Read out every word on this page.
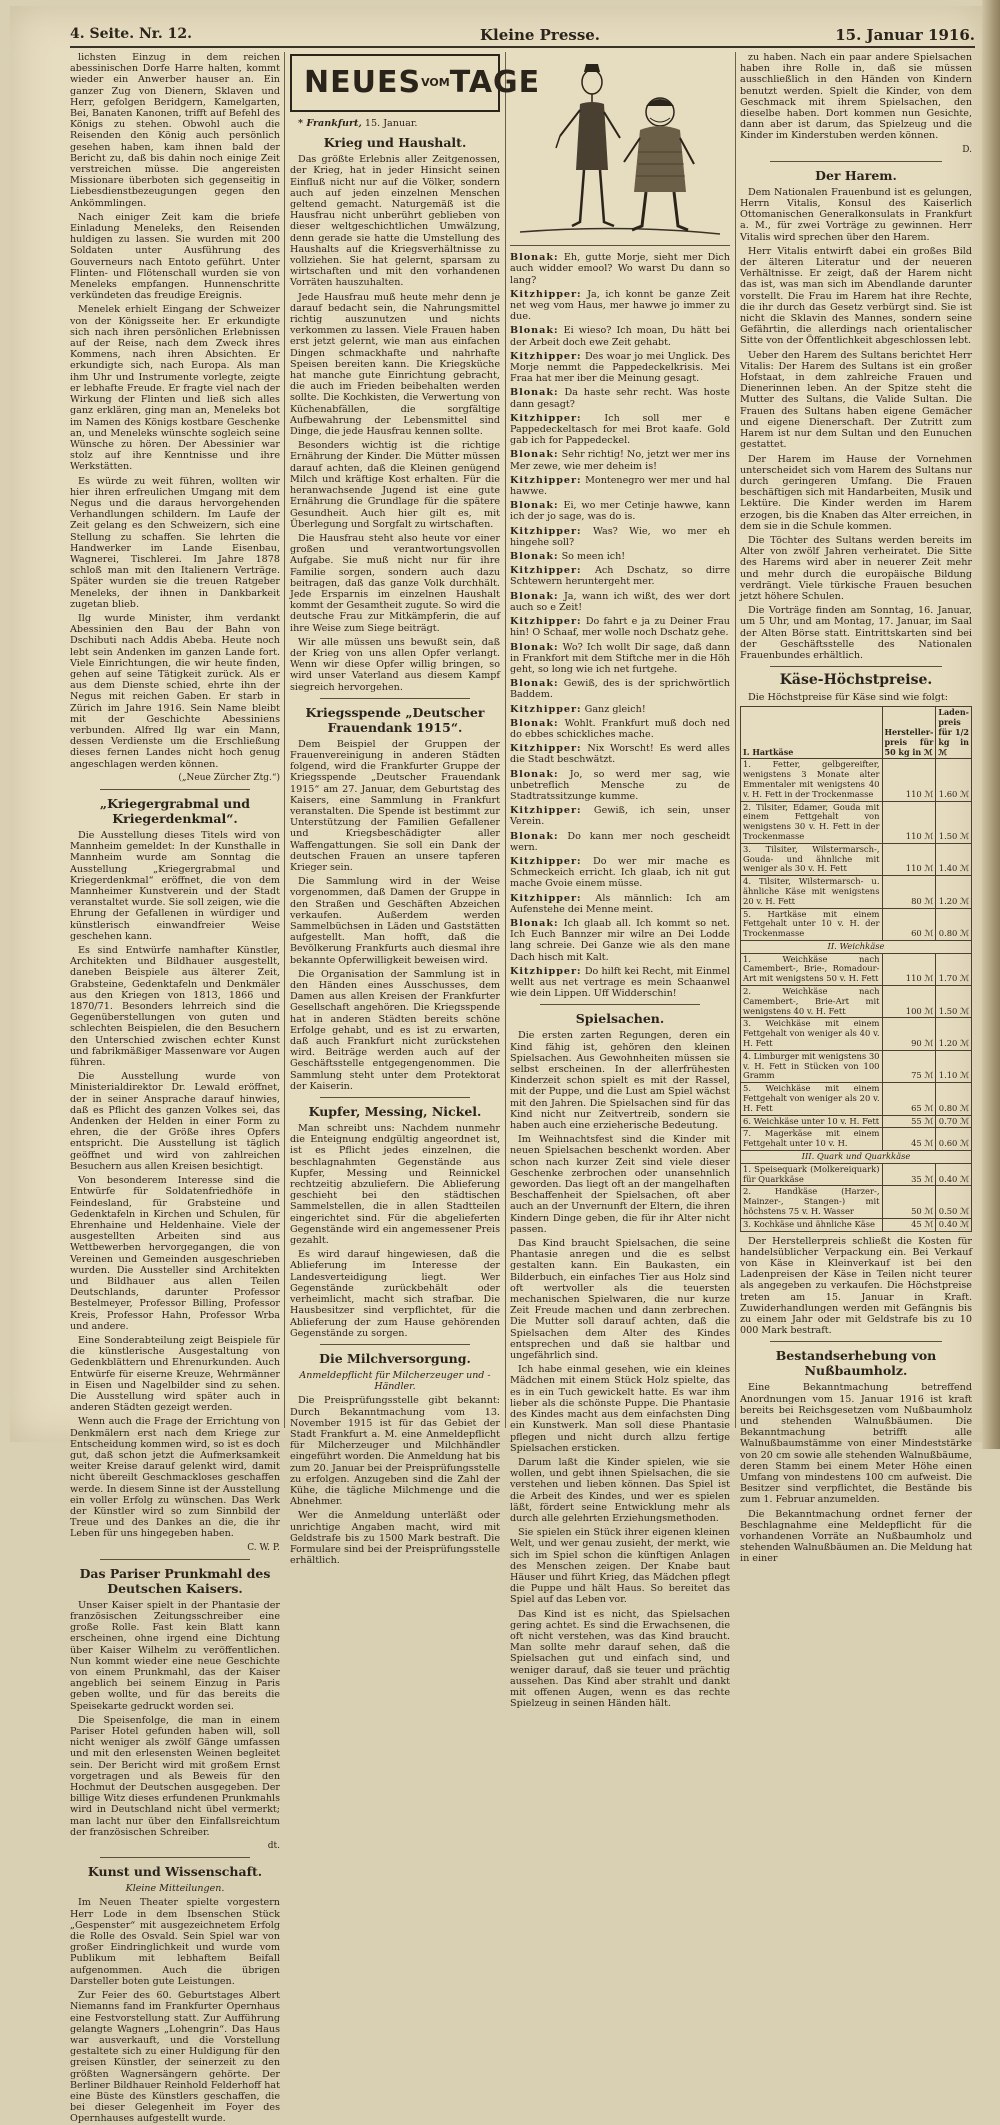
4. Seite. Nr. 12.	Kleine Presse.	15. Januar 1916.

lichsten Einzug in dem reichen abessinischen Dorfe Harre halten, kommt wieder ein Anwerber hauser an. Ein ganzer Zug von Dienern, Sklaven und Herr, gefolgen Beridgern, Kamelgarten, Bei, Banaten Kanonen, trifft auf Befehl des Königs zu stehen. Obwohl auch die Reisenden den König auch persönlich gesehen haben, kam ihnen bald der Bericht zu, daß bis dahin noch einige Zeit verstreichen müsse. Die angereisten Missionare überboten sich gegenseitig in Liebesdienstbezeugungen gegen den Ankömmlingen.

Nach einiger Zeit kam die briefe Einladung Meneleks, den Reisenden huldigen zu lassen. Sie wurden mit 200 Soldaten unter Ausführung des Gouverneurs nach Entoto geführt. Unter Flinten- und Flötenschall wurden sie von Meneleks empfangen. Hunnenschritte verkündeten das freudige Ereignis.

Menelek erhielt Eingang der Schweizer von der Königsseite her. Er erkundigte sich nach ihren persönlichen Erlebnissen auf der Reise, nach dem Zweck ihres Kommens, nach ihren Absichten. Er erkundigte sich, nach Europa. Als man ihm Uhr und Instrumente vorlegte, zeigte er lebhafte Freude. Er fragte viel nach der Wirkung der Flinten und ließ sich alles ganz erklären, ging man an, Meneleks bot im Namen des Königs kostbare Geschenke an, und Meneleks wünschte sogleich seine Wünsche zu hören. Der Abessinier war stolz auf ihre Kenntnisse und ihre Werkstätten.

Es würde zu weit führen, wollten wir hier ihren erfreulichen Umgang mit dem Negus und die daraus hervorgehenden Verhandlungen schildern. Im Laufe der Zeit gelang es den Schweizern, sich eine Stellung zu schaffen. Sie lehrten die Handwerker im Lande Eisenbau, Wagnerei, Tischlerei. Im Jahre 1878 schloß man mit den Italienern Verträge. Später wurden sie die treuen Ratgeber Meneleks, der ihnen in Dankbarkeit zugetan blieb.

Ilg wurde Minister, ihm verdankt Abessinien den Bau der Bahn von Dschibuti nach Addis Abeba. Heute noch lebt sein Andenken im ganzen Lande fort. Viele Einrichtungen, die wir heute finden, gehen auf seine Tätigkeit zurück. Als er aus dem Dienste schied, ehrte ihn der Negus mit reichen Gaben. Er starb in Zürich im Jahre 1916. Sein Name bleibt mit der Geschichte Abessiniens verbunden. Alfred Ilg war ein Mann, dessen Verdienste um die Erschließung dieses fernen Landes nicht hoch genug angeschlagen werden können.

(„Neue Zürcher Ztg.“)
„Kriegergrabmal und Kriegerdenkmal“.

Die Ausstellung dieses Titels wird von Mannheim gemeldet: In der Kunsthalle in Mannheim wurde am Sonntag die Ausstellung „Kriegergrabmal und Kriegerdenkmal“ eröffnet, die von dem Mannheimer Kunstverein und der Stadt veranstaltet wurde. Sie soll zeigen, wie die Ehrung der Gefallenen in würdiger und künstlerisch einwandfreier Weise geschehen kann.

Es sind Entwürfe namhafter Künstler, Architekten und Bildhauer ausgestellt, daneben Beispiele aus älterer Zeit, Grabsteine, Gedenktafeln und Denkmäler aus den Kriegen von 1813, 1866 und 1870/71. Besonders lehrreich sind die Gegenüberstellungen von guten und schlechten Beispielen, die den Besuchern den Unterschied zwischen echter Kunst und fabrikmäßiger Massenware vor Augen führen.

Die Ausstellung wurde von Ministerialdirektor Dr. Lewald eröffnet, der in seiner Ansprache darauf hinwies, daß es Pflicht des ganzen Volkes sei, das Andenken der Helden in einer Form zu ehren, die der Größe ihres Opfers entspricht. Die Ausstellung ist täglich geöffnet und wird von zahlreichen Besuchern aus allen Kreisen besichtigt.

Von besonderem Interesse sind die Entwürfe für Soldatenfriedhöfe in Feindesland, für Grabsteine und Gedenktafeln in Kirchen und Schulen, für Ehrenhaine und Heldenhaine. Viele der ausgestellten Arbeiten sind aus Wettbewerben hervorgegangen, die von Vereinen und Gemeinden ausgeschrieben wurden. Die Aussteller sind Architekten und Bildhauer aus allen Teilen Deutschlands, darunter Professor Bestelmeyer, Professor Billing, Professor Kreis, Professor Hahn, Professor Wrba und andere.

Eine Sonderabteilung zeigt Beispiele für die künstlerische Ausgestaltung von Gedenkblättern und Ehrenurkunden. Auch Entwürfe für eiserne Kreuze, Wehrmänner in Eisen und Nagelbilder sind zu sehen. Die Ausstellung wird später auch in anderen Städten gezeigt werden.

Wenn auch die Frage der Errichtung von Denkmälern erst nach dem Kriege zur Entscheidung kommen wird, so ist es doch gut, daß schon jetzt die Aufmerksamkeit weiter Kreise darauf gelenkt wird, damit nicht übereilt Geschmackloses geschaffen werde. In diesem Sinne ist der Ausstellung ein voller Erfolg zu wünschen. Das Werk der Künstler wird so zum Sinnbild der Treue und des Dankes an die, die ihr Leben für uns hingegeben haben.

C. W. P.
Das Pariser Prunkmahl des Deutschen Kaisers.

Unser Kaiser spielt in der Phantasie der französischen Zeitungsschreiber eine große Rolle. Fast kein Blatt kann erscheinen, ohne irgend eine Dichtung über Kaiser Wilhelm zu veröffentlichen. Nun kommt wieder eine neue Geschichte von einem Prunkmahl, das der Kaiser angeblich bei seinem Einzug in Paris geben wollte, und für das bereits die Speisekarte gedruckt worden sei.

Die Speisenfolge, die man in einem Pariser Hotel gefunden haben will, soll nicht weniger als zwölf Gänge umfassen und mit den erlesensten Weinen begleitet sein. Der Bericht wird mit großem Ernst vorgetragen und als Beweis für den Hochmut der Deutschen ausgegeben. Der billige Witz dieses erfundenen Prunkmahls wird in Deutschland nicht übel vermerkt; man lacht nur über den Einfallsreichtum der französischen Schreiber.

dt.
Kunst und Wissenschaft.
Kleine Mitteilungen.

Im Neuen Theater spielte vorgestern Herr Lode in dem Ibsenschen Stück „Gespenster“ mit ausgezeichnetem Erfolg die Rolle des Osvald. Sein Spiel war von großer Eindringlichkeit und wurde vom Publikum mit lebhaftem Beifall aufgenommen. Auch die übrigen Darsteller boten gute Leistungen.

Zur Feier des 60. Geburtstages Albert Niemanns fand im Frankfurter Opernhaus eine Festvorstellung statt. Zur Aufführung gelangte Wagners „Lohengrin“. Das Haus war ausverkauft, und die Vorstellung gestaltete sich zu einer Huldigung für den greisen Künstler, der seinerzeit zu den größten Wagnersängern gehörte. Der Berliner Bildhauer Reinhold Felderhoff hat eine Büste des Künstlers geschaffen, die bei dieser Gelegenheit im Foyer des Opernhauses aufgestellt wurde.

$NEUES^{VOM}TAGE$

* Frankfurt, 15. Januar.

Krieg und Haushalt.

Das größte Erlebnis aller Zeitgenossen, der Krieg, hat in jeder Hinsicht seinen Einfluß nicht nur auf die Völker, sondern auch auf jeden einzelnen Menschen geltend gemacht. Naturgemäß ist die Hausfrau nicht unberührt geblieben von dieser weltgeschichtlichen Umwälzung, denn gerade sie hatte die Umstellung des Haushalts auf die Kriegsverhältnisse zu vollziehen. Sie hat gelernt, sparsam zu wirtschaften und mit den vorhandenen Vorräten hauszuhalten.

Jede Hausfrau muß heute mehr denn je darauf bedacht sein, die Nahrungsmittel richtig auszunutzen und nichts verkommen zu lassen. Viele Frauen haben erst jetzt gelernt, wie man aus einfachen Dingen schmackhafte und nahrhafte Speisen bereiten kann. Die Kriegsküche hat manche gute Einrichtung gebracht, die auch im Frieden beibehalten werden sollte. Die Kochkisten, die Verwertung von Küchenabfällen, die sorgfältige Aufbewahrung der Lebensmittel sind Dinge, die jede Hausfrau kennen sollte.

Besonders wichtig ist die richtige Ernährung der Kinder. Die Mütter müssen darauf achten, daß die Kleinen genügend Milch und kräftige Kost erhalten. Für die heranwachsende Jugend ist eine gute Ernährung die Grundlage für die spätere Gesundheit. Auch hier gilt es, mit Überlegung und Sorgfalt zu wirtschaften.

Die Hausfrau steht also heute vor einer großen und verantwortungsvollen Aufgabe. Sie muß nicht nur für ihre Familie sorgen, sondern auch dazu beitragen, daß das ganze Volk durchhält. Jede Ersparnis im einzelnen Haushalt kommt der Gesamtheit zugute. So wird die deutsche Frau zur Mitkämpferin, die auf ihre Weise zum Siege beiträgt.

Wir alle müssen uns bewußt sein, daß der Krieg von uns allen Opfer verlangt. Wenn wir diese Opfer willig bringen, so wird unser Vaterland aus diesem Kampf siegreich hervorgehen.

Kriegsspende „Deutscher Frauendank 1915“.

Dem Beispiel der Gruppen der Frauenvereinigung in anderen Städten folgend, wird die Frankfurter Gruppe der Kriegsspende „Deutscher Frauendank 1915“ am 27. Januar, dem Geburtstag des Kaisers, eine Sammlung in Frankfurt veranstalten. Die Spende ist bestimmt zur Unterstützung der Familien Gefallener und Kriegsbeschädigter aller Waffengattungen. Sie soll ein Dank der deutschen Frauen an unsere tapferen Krieger sein.

Die Sammlung wird in der Weise vorgenommen, daß Damen der Gruppe in den Straßen und Geschäften Abzeichen verkaufen. Außerdem werden Sammelbüchsen in Läden und Gaststätten aufgestellt. Man hofft, daß die Bevölkerung Frankfurts auch diesmal ihre bekannte Opferwilligkeit beweisen wird.

Die Organisation der Sammlung ist in den Händen eines Ausschusses, dem Damen aus allen Kreisen der Frankfurter Gesellschaft angehören. Die Kriegsspende hat in anderen Städten bereits schöne Erfolge gehabt, und es ist zu erwarten, daß auch Frankfurt nicht zurückstehen wird. Beiträge werden auch auf der Geschäftsstelle entgegengenommen. Die Sammlung steht unter dem Protektorat der Kaiserin.

Kupfer, Messing, Nickel.

Man schreibt uns: Nachdem nunmehr die Enteignung endgültig angeordnet ist, ist es Pflicht jedes einzelnen, die beschlagnahmten Gegenstände aus Kupfer, Messing und Reinnickel rechtzeitig abzuliefern. Die Ablieferung geschieht bei den städtischen Sammelstellen, die in allen Stadtteilen eingerichtet sind. Für die abgelieferten Gegenstände wird ein angemessener Preis gezahlt.

Es wird darauf hingewiesen, daß die Ablieferung im Interesse der Landesverteidigung liegt. Wer Gegenstände zurückbehält oder verheimlicht, macht sich strafbar. Die Hausbesitzer sind verpflichtet, für die Ablieferung der zum Hause gehörenden Gegenstände zu sorgen.

Die Milchversorgung.
Anmeldepflicht für Milcherzeuger und -Händler.

Die Preisprüfungsstelle gibt bekannt: Durch Bekanntmachung vom 13. November 1915 ist für das Gebiet der Stadt Frankfurt a. M. eine Anmeldepflicht für Milcherzeuger und Milchhändler eingeführt worden. Die Anmeldung hat bis zum 20. Januar bei der Preisprüfungsstelle zu erfolgen. Anzugeben sind die Zahl der Kühe, die tägliche Milchmenge und die Abnehmer.

Wer die Anmeldung unterläßt oder unrichtige Angaben macht, wird mit Geldstrafe bis zu 1500 Mark bestraft. Die Formulare sind bei der Preisprüfungsstelle erhältlich.

Blonak: Eh, gutte Morje, sieht mer Dich auch widder emool? Wo warst Du dann so lang?

Kitzhipper: Ja, ich konnt be ganze Zeit net weg vom Haus, mer hawwe jo immer zu due.

Blonak: Ei wieso? Ich moan, Du hätt bei der Arbeit doch ewe Zeit gehabt.

Kitzhipper: Des woar jo mei Unglick. Des Morje nemmt die Pappedeckelkrisis. Mei Fraa hat mer iber die Meinung gesagt.

Blonak: Da haste sehr recht. Was hoste dann gesagt?

Kitzhipper: Ich soll mer e Pappedeckeltasch for mei Brot kaafe. Gold gab ich for Pappedeckel.

Blonak: Sehr richtig! No, jetzt wer mer ins Mer zewe, wie mer deheim is!

Kitzhipper: Montenegro wer mer und hal hawwe.

Blonak: Ei, wo mer Cetinje hawwe, kann ich der jo sage, was do is.

Kitzhipper: Was? Wie, wo mer eh hingehe soll?

Blonak: So meen ich!

Kitzhipper: Ach Dschatz, so dirre Schtewern heruntergeht mer.

Blonak: Ja, wann ich wißt, des wer dort auch so e Zeit!

Kitzhipper: Do fahrt e ja zu Deiner Frau hin! O Schaaf, mer wolle noch Dschatz gehe.

Blonak: Wo? Ich wollt Dir sage, daß dann in Frankfort mit dem Stiftche mer in die Höh geht, so long wie ich net furtgehe.

Blonak: Gewiß, des is der sprichwörtlich Baddem.

Kitzhipper: Ganz gleich!

Blonak: Wohlt. Frankfurt muß doch ned do ebbes schickliches mache.

Kitzhipper: Nix Worscht! Es werd alles die Stadt beschwätzt.

Blonak: Jo, so werd mer sag, wie unbetreflich Mensche zu de Stadtratssitzunge kumme.

Kitzhipper: Gewiß, ich sein, unser Verein.

Blonak: Do kann mer noch gescheidt wern.

Kitzhipper: Do wer mir mache es Schmeckeich erricht. Ich glaab, ich nit gut mache Gvoie einem müsse.

Kitzhipper: Als männlich: Ich am Aufenstehe dei Menne meint.

Blonak: Ich glaab all. Ich kommt so net. Ich Euch Bannzer mir wilre an Dei Lodde lang schreie. Dei Ganze wie als den mane Dach hisch mit Kalt.

Kitzhipper: Do hilft kei Recht, mit Einmel wellt aus net vertrage es mein Schaanwel wie dein Lippen. Uff Widderschin!

Spielsachen.

Die ersten zarten Regungen, deren ein Kind fähig ist, gehören den kleinen Spielsachen. Aus Gewohnheiten müssen sie selbst erscheinen. In der allerfrühesten Kinderzeit schon spielt es mit der Rassel, mit der Puppe, und die Lust am Spiel wächst mit den Jahren. Die Spielsachen sind für das Kind nicht nur Zeitvertreib, sondern sie haben auch eine erzieherische Bedeutung.

Im Weihnachtsfest sind die Kinder mit neuen Spielsachen beschenkt worden. Aber schon nach kurzer Zeit sind viele dieser Geschenke zerbrochen oder unansehnlich geworden. Das liegt oft an der mangelhaften Beschaffenheit der Spielsachen, oft aber auch an der Unvernunft der Eltern, die ihren Kindern Dinge geben, die für ihr Alter nicht passen.

Das Kind braucht Spielsachen, die seine Phantasie anregen und die es selbst gestalten kann. Ein Baukasten, ein Bilderbuch, ein einfaches Tier aus Holz sind oft wertvoller als die teuersten mechanischen Spielwaren, die nur kurze Zeit Freude machen und dann zerbrechen. Die Mutter soll darauf achten, daß die Spielsachen dem Alter des Kindes entsprechen und daß sie haltbar und ungefährlich sind.

Ich habe einmal gesehen, wie ein kleines Mädchen mit einem Stück Holz spielte, das es in ein Tuch gewickelt hatte. Es war ihm lieber als die schönste Puppe. Die Phantasie des Kindes macht aus dem einfachsten Ding ein Kunstwerk. Man soll diese Phantasie pflegen und nicht durch allzu fertige Spielsachen ersticken.

Darum laßt die Kinder spielen, wie sie wollen, und gebt ihnen Spielsachen, die sie verstehen und lieben können. Das Spiel ist die Arbeit des Kindes, und wer es spielen läßt, fördert seine Entwicklung mehr als durch alle gelehrten Erziehungsmethoden.

Sie spielen ein Stück ihrer eigenen kleinen Welt, und wer genau zusieht, der merkt, wie sich im Spiel schon die künftigen Anlagen des Menschen zeigen. Der Knabe baut Häuser und führt Krieg, das Mädchen pflegt die Puppe und hält Haus. So bereitet das Spiel auf das Leben vor.

Das Kind ist es nicht, das Spielsachen gering achtet. Es sind die Erwachsenen, die oft nicht verstehen, was das Kind braucht. Man sollte mehr darauf sehen, daß die Spielsachen gut und einfach sind, und weniger darauf, daß sie teuer und prächtig aussehen. Das Kind aber strahlt und dankt mit offenen Augen, wenn es das rechte Spielzeug in seinen Händen hält.

zu haben. Nach ein paar andere Spielsachen haben ihre Rolle in, daß sie müssen ausschließlich in den Händen von Kindern benutzt werden. Spielt die Kinder, von dem Geschmack mit ihrem Spielsachen, den dieselbe haben. Dort kommen nun Gesichte, dann aber ist darum, das Spielzeug und die Kinder im Kinderstuben werden können.

D.
Der Harem.

Dem Nationalen Frauenbund ist es gelungen, Herrn Vitalis, Konsul des Kaiserlich Ottomanischen Generalkonsulats in Frankfurt a. M., für zwei Vorträge zu gewinnen. Herr Vitalis wird sprechen über den Harem.

Herr Vitalis entwirft dabei ein großes Bild der älteren Literatur und der neueren Verhältnisse. Er zeigt, daß der Harem nicht das ist, was man sich im Abendlande darunter vorstellt. Die Frau im Harem hat ihre Rechte, die ihr durch das Gesetz verbürgt sind. Sie ist nicht die Sklavin des Mannes, sondern seine Gefährtin, die allerdings nach orientalischer Sitte von der Öffentlichkeit abgeschlossen lebt.

Ueber den Harem des Sultans berichtet Herr Vitalis: Der Harem des Sultans ist ein großer Hofstaat, in dem zahlreiche Frauen und Dienerinnen leben. An der Spitze steht die Mutter des Sultans, die Valide Sultan. Die Frauen des Sultans haben eigene Gemächer und eigene Dienerschaft. Der Zutritt zum Harem ist nur dem Sultan und den Eunuchen gestattet.

Der Harem im Hause der Vornehmen unterscheidet sich vom Harem des Sultans nur durch geringeren Umfang. Die Frauen beschäftigen sich mit Handarbeiten, Musik und Lektüre. Die Kinder werden im Harem erzogen, bis die Knaben das Alter erreichen, in dem sie in die Schule kommen.

Die Töchter des Sultans werden bereits im Alter von zwölf Jahren verheiratet. Die Sitte des Harems wird aber in neuerer Zeit mehr und mehr durch die europäische Bildung verdrängt. Viele türkische Frauen besuchen jetzt höhere Schulen.

Die Vorträge finden am Sonntag, 16. Januar, um 5 Uhr, und am Montag, 17. Januar, im Saal der Alten Börse statt. Eintrittskarten sind bei der Geschäftsstelle des Nationalen Frauenbundes erhältlich.

Käse-Höchstpreise.

Die Höchstpreise für Käse sind wie folgt:

I. Hartkäse	Hersteller-preis für 50 kg in ℳ	Laden-preis für 1/2 kg in ℳ
1. Fetter, gelbgereifter, wenigstens 3 Monate alter Emmentaler mit wenigstens 40 v. H. Fett in der Trockenmasse	110 ℳ	1.60 ℳ
2. Tilsiter, Edamer, Gouda mit einem Fettgehalt von wenigstens 30 v. H. Fett in der Trockenmasse	110 ℳ	1.50 ℳ
3. Tilsiter, Wilstermarsch-, Gouda- und ähnliche mit weniger als 30 v. H. Fett	110 ℳ	1.40 ℳ
4. Tilsiter, Wilstermarsch- u. ähnliche Käse mit wenigstens 20 v. H. Fett	80 ℳ	1.20 ℳ
5. Hartkäse mit einem Fettgehalt unter 10 v. H. der Trockenmasse	60 ℳ	0.80 ℳ
II. Weichkäse		
1. Weichkäse nach Camembert-, Brie-, Romadour-Art mit wenigstens 50 v. H. Fett	110 ℳ	1.70 ℳ
2. Weichkäse nach Camembert-, Brie-Art mit wenigstens 40 v. H. Fett	100 ℳ	1.50 ℳ
3. Weichkäse mit einem Fettgehalt von weniger als 40 v. H. Fett	90 ℳ	1.20 ℳ
4. Limburger mit wenigstens 30 v. H. Fett in Stücken von 100 Gramm	75 ℳ	1.10 ℳ
5. Weichkäse mit einem Fettgehalt von weniger als 20 v. H. Fett	65 ℳ	0.80 ℳ
6. Weichkäse unter 10 v. H. Fett	55 ℳ	0.70 ℳ
7. Magerkäse mit einem Fettgehalt unter 10 v. H.	45 ℳ	0.60 ℳ
III. Quark und Quarkkäse		
1. Speisequark (Molkereiquark) für Quarkkäse	35 ℳ	0.40 ℳ
2. Handkäse (Harzer-, Mainzer-, Stangen-) mit höchstens 75 v. H. Wasser	50 ℳ	0.50 ℳ
3. Kochkäse und ähnliche Käse	45 ℳ	0.40 ℳ

Der Herstellerpreis schließt die Kosten für handelsüblicher Verpackung ein. Bei Verkauf von Käse in Kleinverkauf ist bei den Ladenpreisen der Käse in Teilen nicht teurer als angegeben zu verkaufen. Die Höchstpreise treten am 15. Januar in Kraft. Zuwiderhandlungen werden mit Gefängnis bis zu einem Jahr oder mit Geldstrafe bis zu 10 000 Mark bestraft.

Bestandserhebung von Nußbaumholz.

Eine Bekanntmachung betreffend Anordnungen vom 15. Januar 1916 ist kraft bereits bei Reichsgesetzen vom Nußbaumholz und stehenden Walnußbäumen. Die Bekanntmachung betrifft alle Walnußbaumstämme von einer Mindeststärke von 20 cm sowie alle stehenden Walnußbäume, deren Stamm bei einem Meter Höhe einen Umfang von mindestens 100 cm aufweist. Die Besitzer sind verpflichtet, die Bestände bis zum 1. Februar anzumelden.

Die Bekanntmachung ordnet ferner der Beschlagnahme eine Meldepflicht für die vorhandenen Vorräte an Nußbaumholz und stehenden Walnußbäumen an. Die Meldung hat in einer
